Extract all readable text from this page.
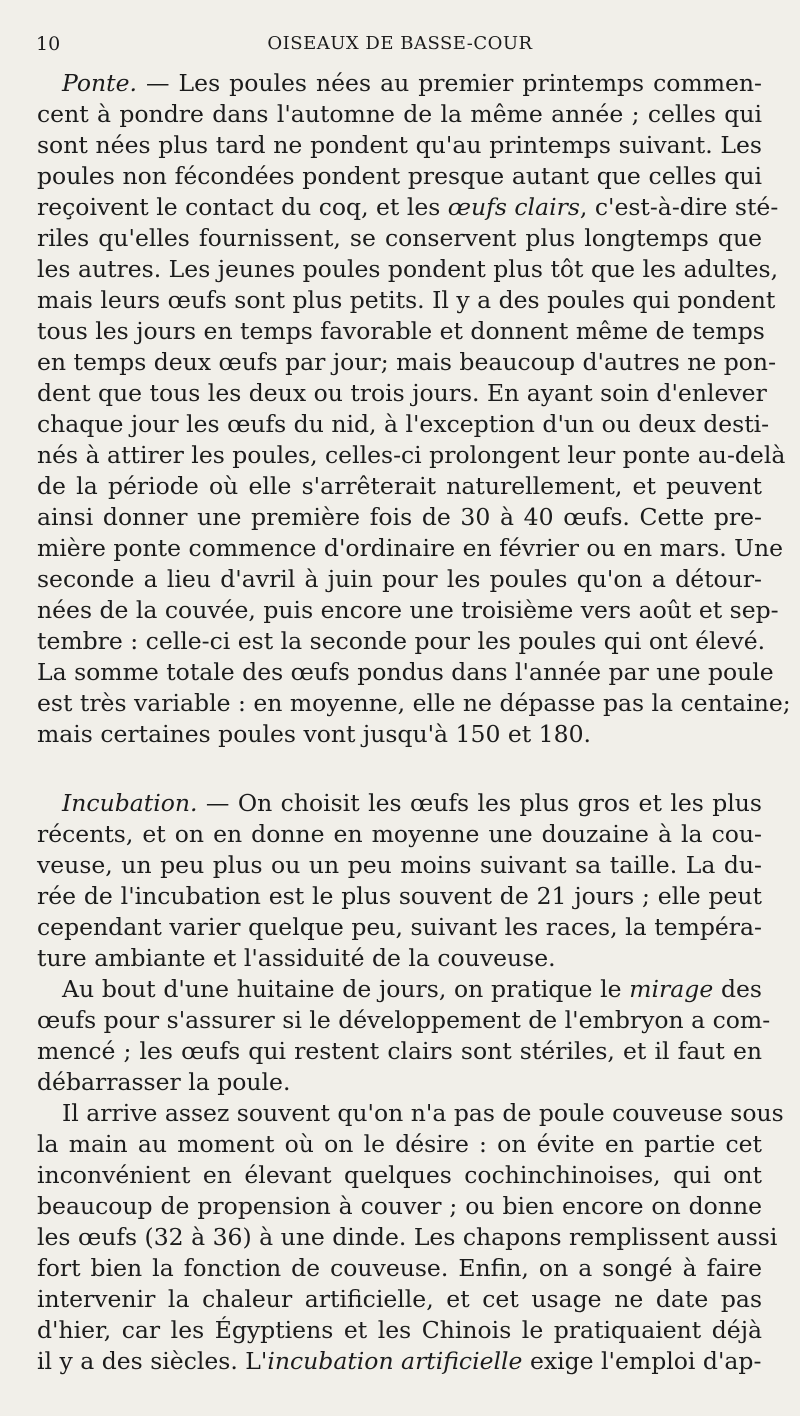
10	OISEAUX DE BASSE-COUR
Ponte. — Les poules nées au premier printemps commen-
cent à pondre dans l'automne de la même année ; celles qui
sont nées plus tard ne pondent qu'au printemps suivant. Les
poules non fécondées pondent presque autant que celles qui
reçoivent le contact du coq, et les œufs clairs, c'est-à-dire sté-
riles qu'elles fournissent, se conservent plus longtemps que
les autres. Les jeunes poules pondent plus tôt que les adultes,
mais leurs œufs sont plus petits. Il y a des poules qui pondent
tous les jours en temps favorable et donnent même de temps
en temps deux œufs par jour; mais beaucoup d'autres ne pon-
dent que tous les deux ou trois jours. En ayant soin d'enlever
chaque jour les œufs du nid, à l'exception d'un ou deux desti-
nés à attirer les poules, celles-ci prolongent leur ponte au-delà
de la période où elle s'arrêterait naturellement, et peuvent
ainsi donner une première fois de 30 à 40 œufs. Cette pre-
mière ponte commence d'ordinaire en février ou en mars. Une
seconde a lieu d'avril à juin pour les poules qu'on a détour-
nées de la couvée, puis encore une troisième vers août et sep-
tembre : celle-ci est la seconde pour les poules qui ont élevé.
La somme totale des œufs pondus dans l'année par une poule
est très variable : en moyenne, elle ne dépasse pas la centaine;
mais certaines poules vont jusqu'à 150 et 180.
Incubation. — On choisit les œufs les plus gros et les plus
récents, et on en donne en moyenne une douzaine à la cou-
veuse, un peu plus ou un peu moins suivant sa taille. La du-
rée de l'incubation est le plus souvent de 21 jours ; elle peut
cependant varier quelque peu, suivant les races, la tempéra-
ture ambiante et l'assiduité de la couveuse.
Au bout d'une huitaine de jours, on pratique le mirage des
œufs pour s'assurer si le développement de l'embryon a com-
mencé ; les œufs qui restent clairs sont stériles, et il faut en
débarrasser la poule.
Il arrive assez souvent qu'on n'a pas de poule couveuse sous
la main au moment où on le désire : on évite en partie cet
inconvénient en élevant quelques cochinchinoises, qui ont
beaucoup de propension à couver ; ou bien encore on donne
les œufs (32 à 36) à une dinde. Les chapons remplissent aussi
fort bien la fonction de couveuse. Enfin, on a songé à faire
intervenir la chaleur artificielle, et cet usage ne date pas
d'hier, car les Égyptiens et les Chinois le pratiquaient déjà
il y a des siècles. L'incubation artificielle exige l'emploi d'ap-
